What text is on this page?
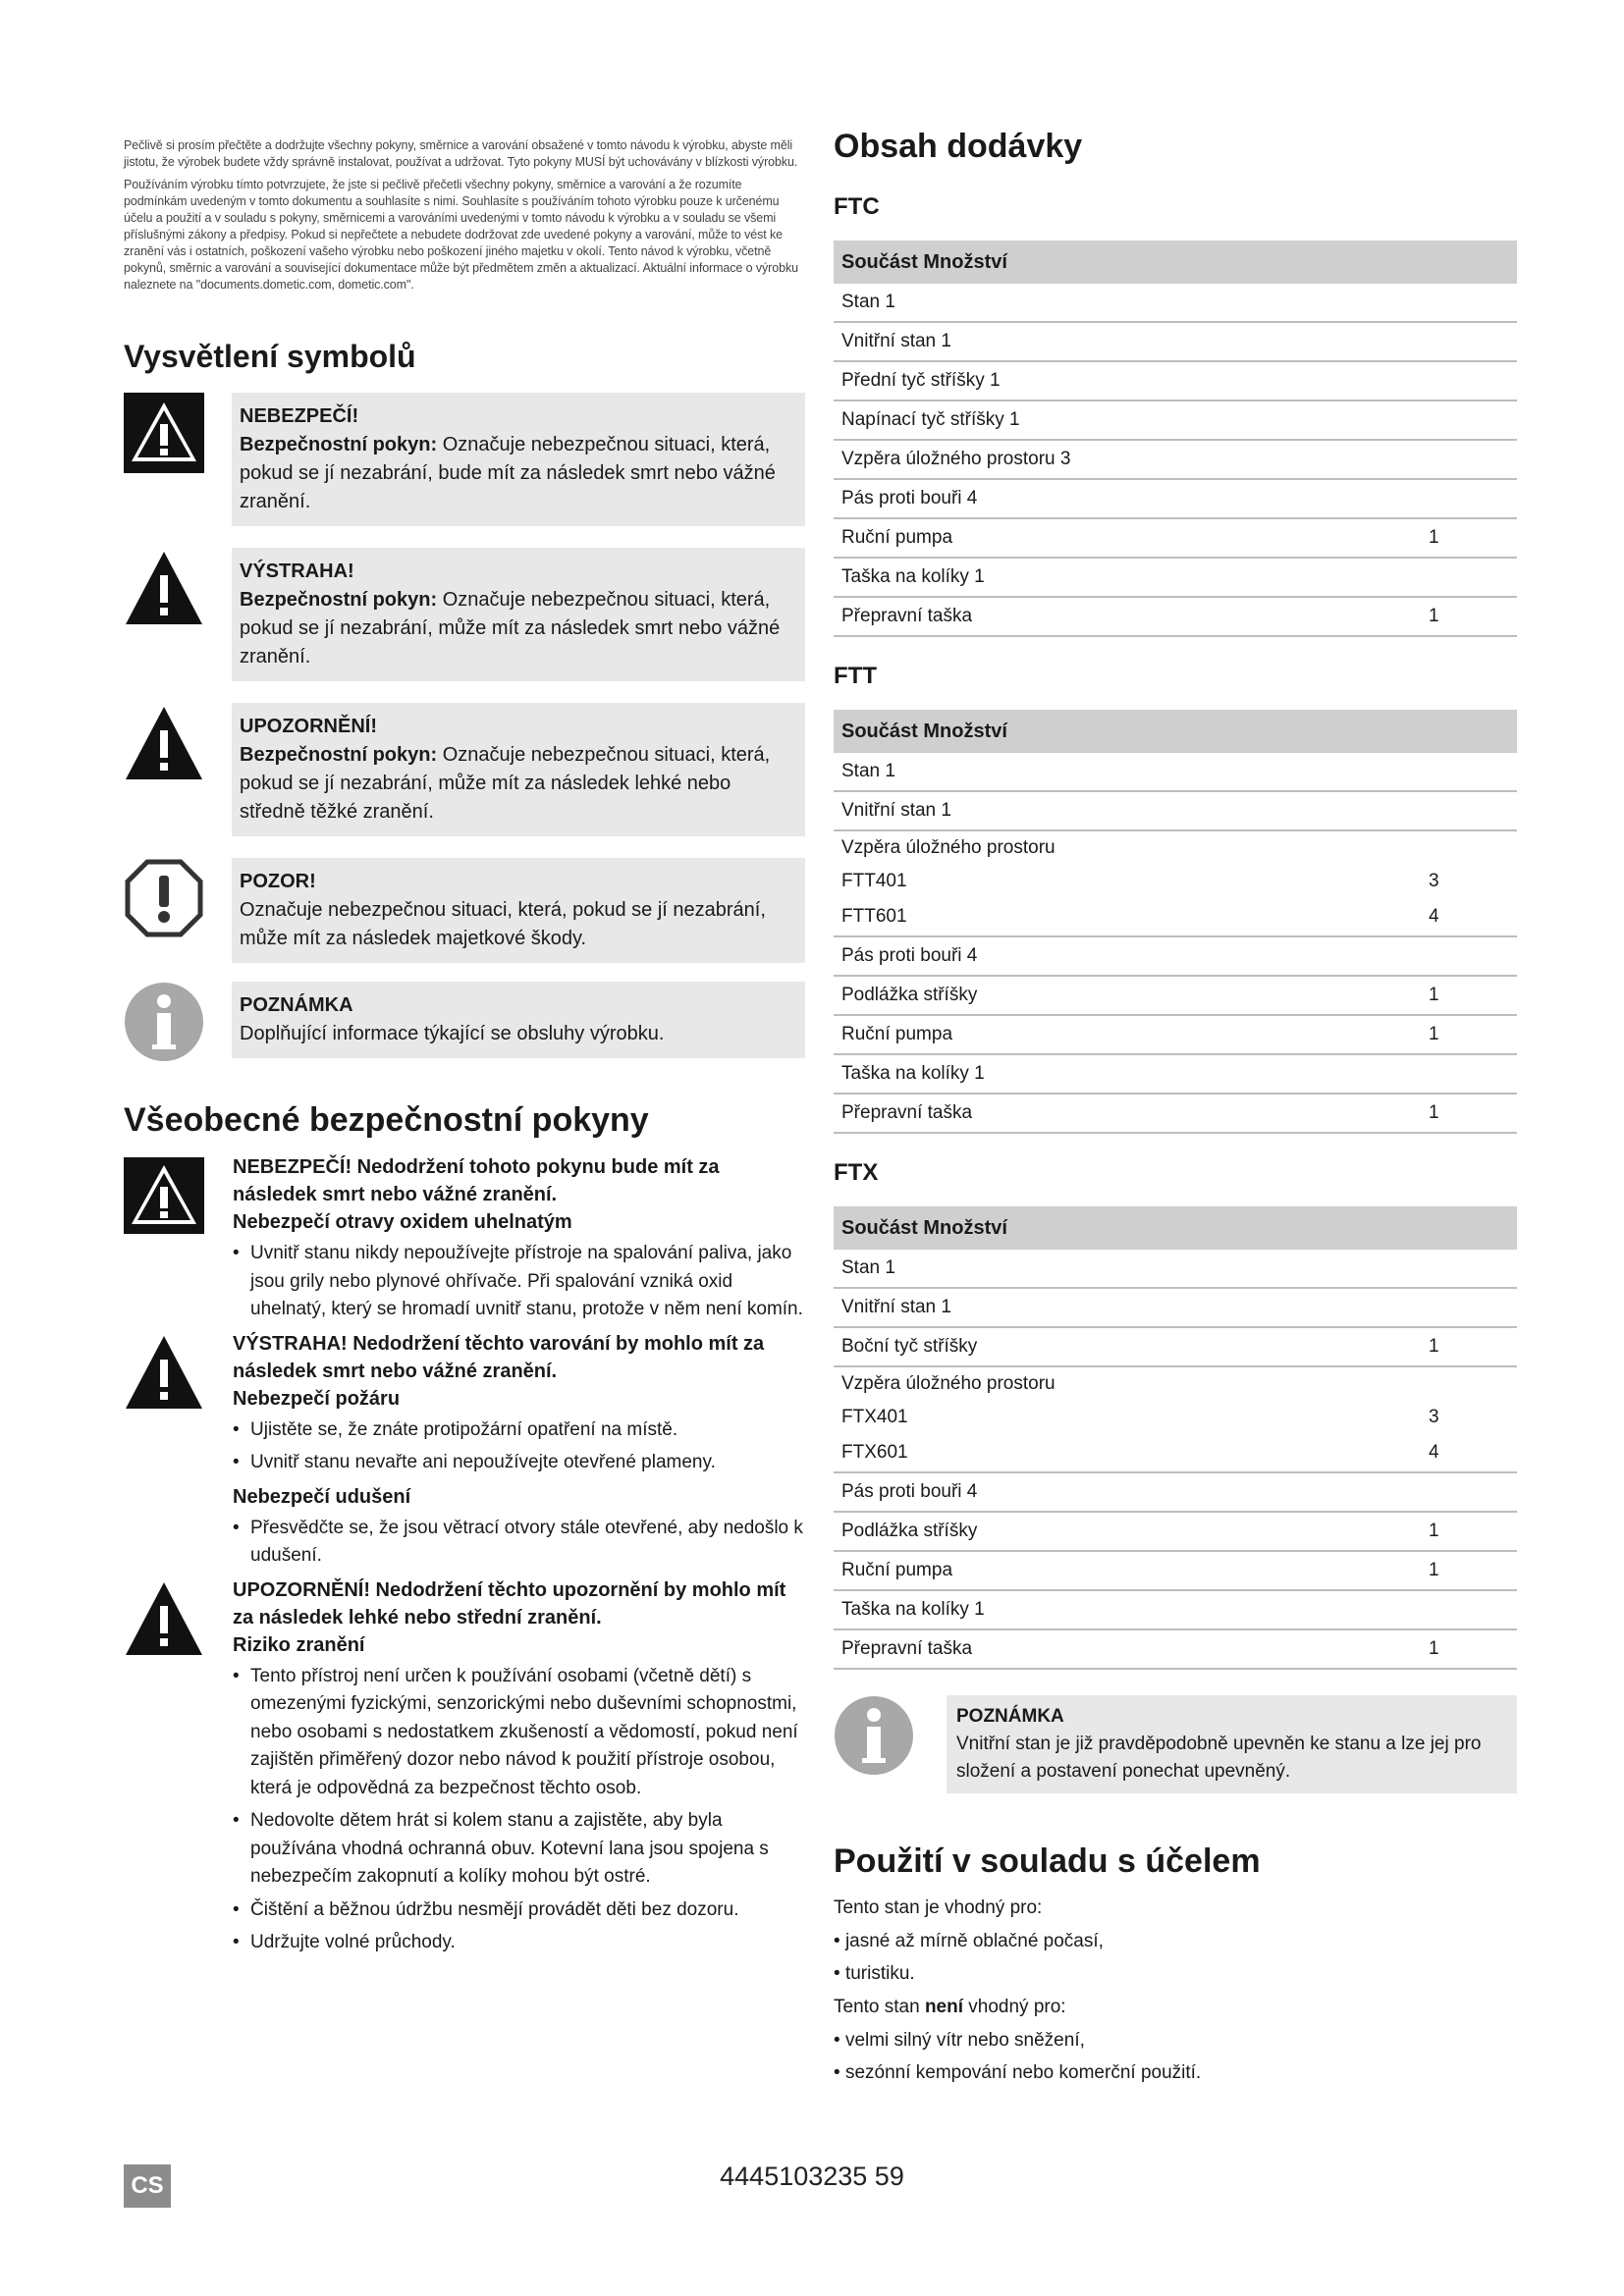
Pečlivě si prosím přečtěte a dodržujte všechny pokyny, směrnice a varování obsažené v tomto návodu k výrobku, abyste měli jistotu, že výrobek budete vždy správně instalovat, používat a udržovat. Tyto pokyny MUSÍ být uchovávány v blízkosti výrobku.

Používáním výrobku tímto potvrzujete, že jste si pečlivě přečetli všechny pokyny, směrnice a varování a že rozumíte podmínkám uvedeným v tomto dokumentu a souhlasíte s nimi. Souhlasíte s používáním tohoto výrobku pouze k určenému účelu a použití a v souladu s pokyny, směrnicemi a varováními uvedenými v tomto návodu k výrobku a v souladu se všemi příslušnými zákony a předpisy. Pokud si nepřečtete a nebudete dodržovat zde uvedené pokyny a varování, může to vést ke zranění vás i ostatních, poškození vašeho výrobku nebo poškození jiného majetku v okolí. Tento návod k výrobku, včetně pokynů, směrnic a varování a související dokumentace může být předmětem změn a aktualizací. Aktuální informace o výrobku naleznete na "documents.dometic.com, dometic.com".

Vysvětlení symbolů
NEBEZPEČÍ!
Bezpečnostní pokyn: Označuje nebezpečnou situaci, která, pokud se jí nezabrání, bude mít za následek smrt nebo vážné zranění.
VÝSTRAHA!
Bezpečnostní pokyn: Označuje nebezpečnou situaci, která, pokud se jí nezabrání, může mít za následek smrt nebo vážné zranění.
UPOZORNĚNÍ!
Bezpečnostní pokyn: Označuje nebezpečnou situaci, která, pokud se jí nezabrání, může mít za následek lehké nebo středně těžké zranění.
POZOR!
Označuje nebezpečnou situaci, která, pokud se jí nezabrání, může mít za následek majetkové škody.
POZNÁMKA
Doplňující informace týkající se obsluhy výrobku.
Všeobecné bezpečnostní pokyny
NEBEZPEČÍ! Nedodržení tohoto pokynu bude mít za následek smrt nebo vážné zranění.
Nebezpečí otravy oxidem uhelnatým
• Uvnitř stanu nikdy nepoužívejte přístroje na spalování paliva, jako jsou grily nebo plynové ohřívače. Při spalování vzniká oxid uhelnatý, který se hromadí uvnitř stanu, protože v něm není komín.
VÝSTRAHA! Nedodržení těchto varování by mohlo mít za následek smrt nebo vážné zranění.
Nebezpečí požáru
• Ujistěte se, že znáte protipožární opatření na místě.
• Uvnitř stanu nevařte ani nepoužívejte otevřené plameny.
Nebezpečí udušení
• Přesvědčte se, že jsou větrací otvory stále otevřené, aby nedošlo k udušení.
UPOZORNĚNÍ! Nedodržení těchto upozornění by mohlo mít za následek lehké nebo střední zranění.
Riziko zranění
• Tento přístroj není určen k používání osobami (včetně dětí) s omezenými fyzickými, senzorickými nebo duševními schopnostmi, nebo osobami s nedostatkem zkušeností a vědomostí, pokud není zajištěn přiměřený dozor nebo návod k použití přístroje osobou, která je odpovědná za bezpečnost těchto osob.
• Nedovolte dětem hrát si kolem stanu a zajistěte, aby byla používána vhodná ochranná obuv. Kotevní lana jsou spojena s nebezpečím zakopnutí a kolíky mohou být ostré.
• Čištění a běžnou údržbu nesmějí provádět děti bez dozoru.
• Udržujte volné průchody.
Obsah dodávky
FTC
Součást Množství
Stan 1
Vnitřní stan 1
Přední tyč stříšky 1
Napínací tyč stříšky 1
Vzpěra úložného prostoru 3
Pás proti bouři 4
Ruční pumpa	1
Taška na kolíky 1
Přepravní taška	1
FTT
Součást Množství
Stan 1
Vnitřní stan 1
Vzpěra úložného prostoru
FTT401	3
FTT601	4
Pás proti bouři 4
Podlážka stříšky	1
Ruční pumpa	1
Taška na kolíky 1
Přepravní taška	1
FTX
Součást Množství
Stan 1
Vnitřní stan 1
Boční tyč stříšky	1
Vzpěra úložného prostoru
FTX401	3
FTX601	4
Pás proti bouři 4
Podlážka stříšky	1
Ruční pumpa	1
Taška na kolíky 1
Přepravní taška	1
POZNÁMKA
Vnitřní stan je již pravděpodobně upevněn ke stanu a lze jej pro složení a postavení ponechat upevněný.
Použití v souladu s účelem

Tento stan je vhodný pro:

• jasné až mírně oblačné počasí,
• turistiku.

Tento stan není vhodný pro:

• velmi silný vítr nebo sněžení,
• sezónní kempování nebo komerční použití.
CS	4445103235 59
